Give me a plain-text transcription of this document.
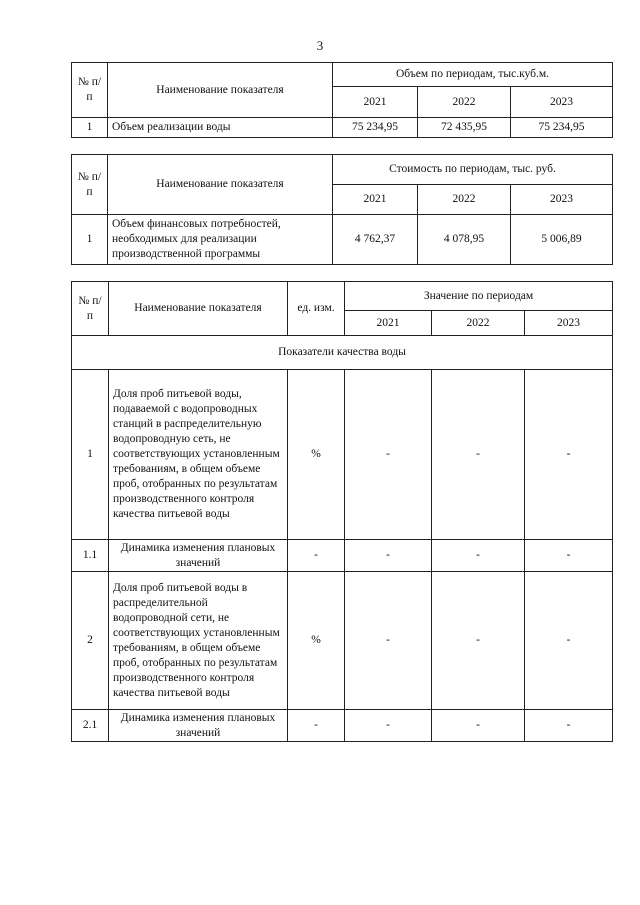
3
№ п/п	Наименование показателя	Объем по периодам, тыс.куб.м.		
		2021	2022	2023
1	Объем реализации воды	75 234,95	72 435,95	75 234,95
№ п/п	Наименование показателя	Стоимость по периодам, тыс. руб.		
		2021	2022	2023
1	Объем финансовых потребностей, необходимых для реализации производственной программы	4 762,37	4 078,95	5 006,89
№ п/п	Наименование показателя	ед. изм.	Значение по периодам		
			2021	2022	2023
Показатели качества воды					
1	Доля проб питьевой воды, подаваемой с водопроводных станций в распределительную водопроводную сеть, не соответствующих установленным требованиям, в общем объеме проб, отобранных по результатам производственного контроля качества питьевой воды	%	-	-	-
1.1	Динамика изменения плановых значений	-	-	-	-
2	Доля проб питьевой воды в распределительной водопроводной сети, не соответствующих установленным требованиям, в общем объеме проб, отобранных по результатам производственного контроля качества питьевой воды	%	-	-	-
2.1	Динамика изменения плановых значений	-	-	-	-
